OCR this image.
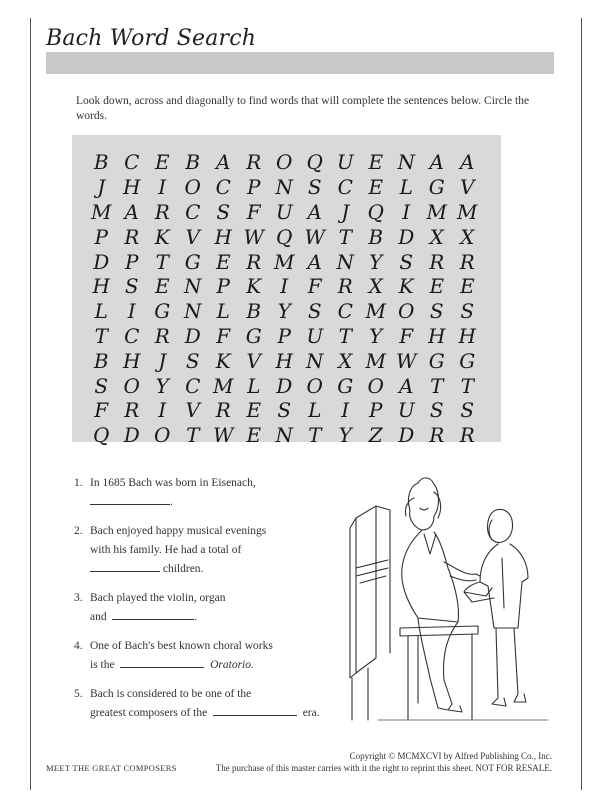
Bach Word Search
Look down, across and diagonally to find words that will complete the sentences below. Circle the words.
B C E B A R O Q U E N A A
J H I O C P N S C E L G V
M A R C S F U A J Q I M M
P R K V H W Q W T B D X X
D P T G E R M A N Y S R R
H S E N P K I F R X K E E
L I G N L B Y S C M O S S
T C R D F G P U T Y F H H
B H J S K V H N X M W G G
S O Y C M L D O G O A T T
F R I V R E S L I P U S S
Q D O T W E N T Y Z D R R
1. In 1685 Bach was born in Eisenach,
.
2. Bach enjoyed happy musical evenings
with his family. He had a total of
children.
3. Bach played the violin, organ
and	.
4. One of Bach's best known choral works
is the	Oratorio.
5. Bach is considered to be one of the
greatest composers of the	era.
Copyright © MCMXCVI by Alfred Publishing Co., Inc.
MEET THE GREAT COMPOSERS	The purchase of this master carries with it the right to reprint this sheet. NOT FOR RESALE.
